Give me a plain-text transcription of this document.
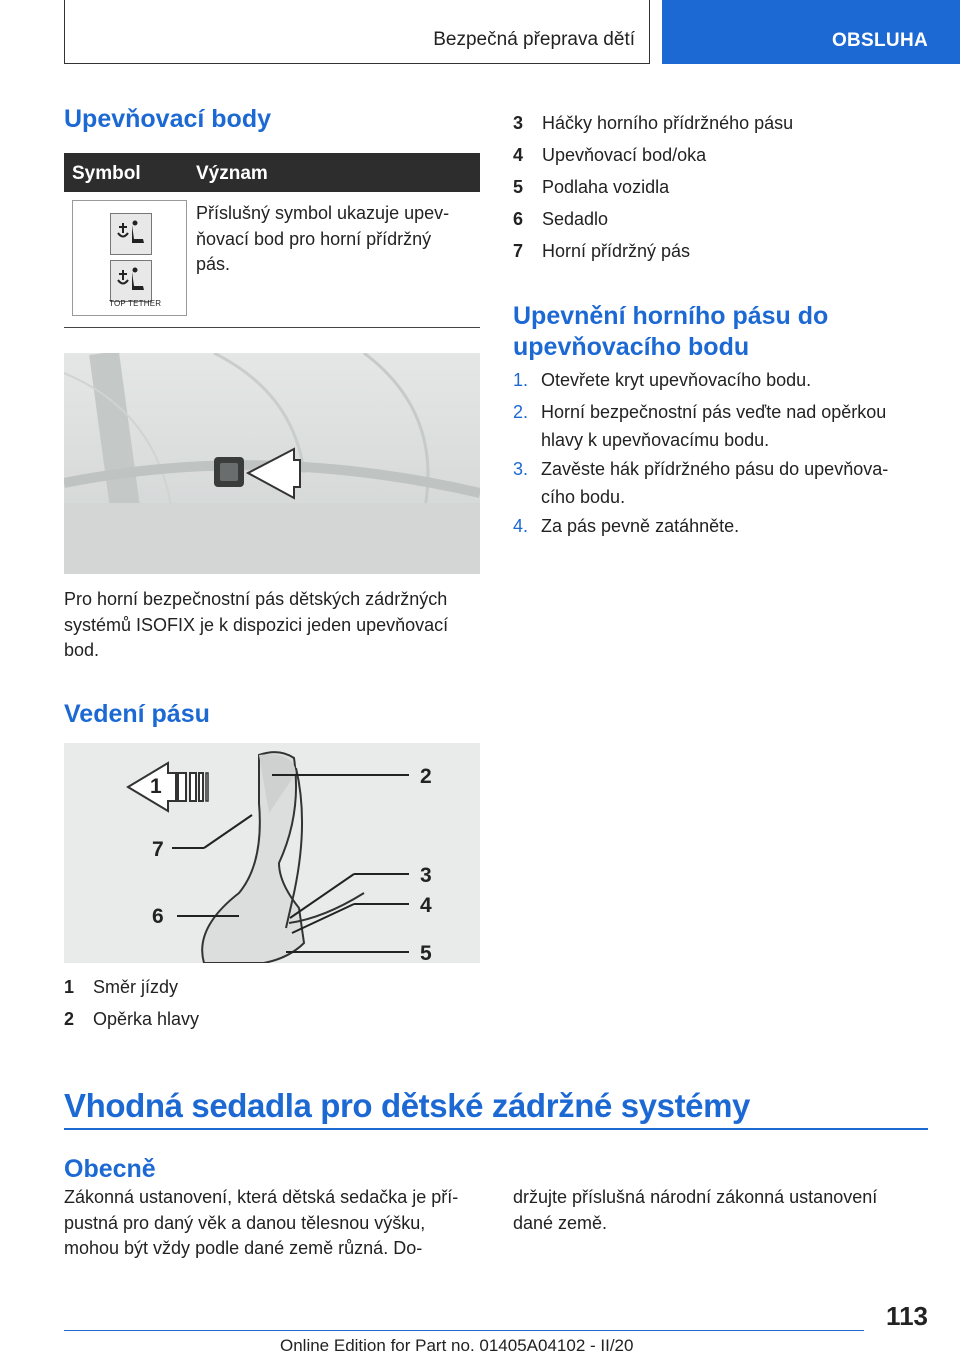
Bezpečná přeprava dětí	OBSLUHA
Upevňovací body
Symbol	Význam
TOP TETHER
Příslušný symbol ukazuje upev-
ňovací bod pro horní přídržný
pás.
Pro horní bezpečnostní pás dětských zádržných
systémů ISOFIX je k dispozici jeden upevňovací
bod.
Vedení pásu
1	2
3
4
5
6
7
1 Směr jízdy
2 Opěrka hlavy
3 Háčky horního přídržného pásu
4 Upevňovací bod/oka
5 Podlaha vozidla
6 Sedadlo
7 Horní přídržný pás
Upevnění horního pásu do
upevňovacího bodu
1. Otevřete kryt upevňovacího bodu.
2. Horní bezpečnostní pás veďte nad opěrkou
hlavy k upevňovacímu bodu.
3. Zavěste hák přídržného pásu do upevňova-
cího bodu.
4. Za pás pevně zatáhněte.
Vhodná sedadla pro dětské zádržné systémy
Obecně
Zákonná ustanovení, která dětská sedačka je pří-
pustná pro daný věk a danou tělesnou výšku,
mohou být vždy podle dané země různá. Do-
držujte příslušná národní zákonná ustanovení
dané země.
113
Online Edition for Part no. 01405A04102 - II/20
